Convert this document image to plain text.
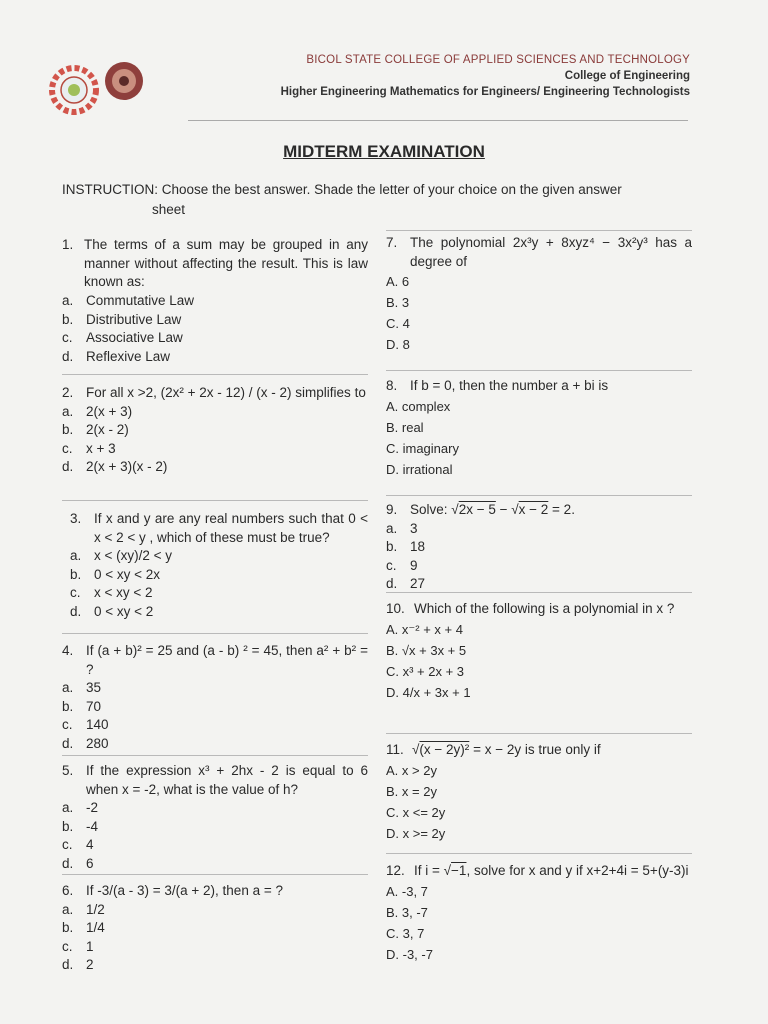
BICOL STATE COLLEGE OF APPLIED SCIENCES AND TECHNOLOGY
College of Engineering
Higher Engineering Mathematics for Engineers/ Engineering Technologists
MIDTERM EXAMINATION
INSTRUCTION: Choose the best answer. Shade the letter of your choice on the given answer
sheet
1. The terms of a sum may be grouped in any manner without affecting the result. This is law known as:
a. Commutative Law
b. Distributive Law
c. Associative Law
d. Reflexive Law
2. For all x >2, (2x² + 2x - 12) / (x - 2) simplifies to
a. 2(x + 3)
b. 2(x - 2)
c. x + 3
d. 2(x + 3)(x - 2)
3. If x and y are any real numbers such that 0 < x < 2 < y , which of these must be true?
a. x < (xy)/2 < y
b. 0 < xy < 2x
c. x < xy < 2
d. 0 < xy < 2
4. If (a + b)² = 25 and (a - b) ² = 45, then a² + b² = ?
a. 35
b. 70
c. 140
d. 280
5. If the expression x³ + 2hx - 2 is equal to 6 when x = -2, what is the value of h?
a. -2
b. -4
c. 4
d. 6
6. If -3/(a - 3) = 3/(a + 2), then a = ?
a. 1/2
b. 1/4
c. 1
d. 2
7. The polynomial 2x³y + 8xyz⁴ − 3x²y³ has a degree of
A. 6
B. 3
C. 4
D. 8
8. If b = 0, then the number a + bi is
A. complex
B. real
C. imaginary
D. irrational
9. Solve: √2x − 5 − √x − 2 = 2.
a. 3
b. 18
c. 9
d. 27
10. Which of the following is a polynomial in x ?
A. x⁻² + x + 4
B. √x + 3x + 5
C. x³ + 2x + 3
D. 4/x + 3x + 1
11. √(x − 2y)² = x − 2y is true only if
A. x > 2y
B. x = 2y
C. x <= 2y
D. x >= 2y
12. If i = √−1, solve for x and y if x+2+4i = 5+(y-3)i
A. -3, 7
B. 3, -7
C. 3, 7
D. -3, -7
